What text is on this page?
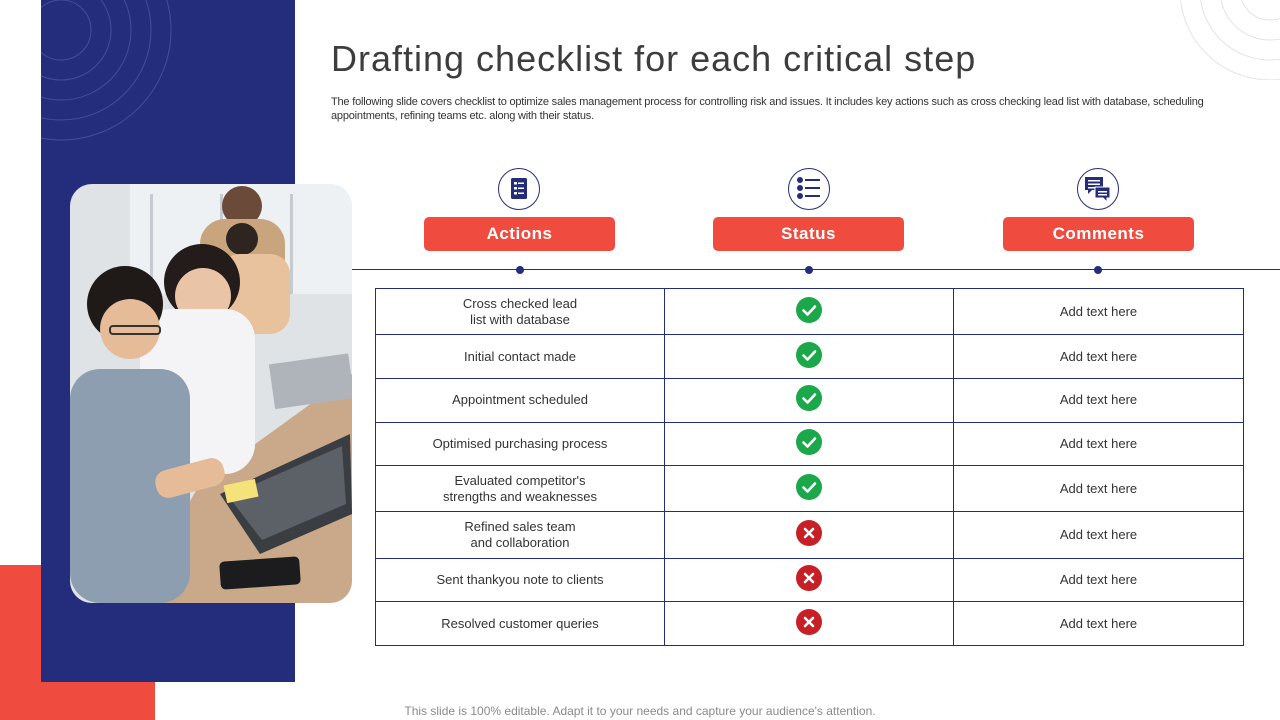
Drafting checklist for each critical step

The following slide covers checklist to optimize sales management process for controlling risk and issues. It includes key actions such as cross checking lead list with database, scheduling appointments, refining teams etc. along with their status.

Actions	Status	Comments
Cross checked lead
list with database		Add text here
Initial contact made		Add text here
Appointment scheduled		Add text here
Optimised purchasing process		Add text here
Evaluated competitor's
strengths and weaknesses		Add text here
Refined sales team
and collaboration		Add text here
Sent thankyou note to clients		Add text here
Resolved customer queries		Add text here

This slide is 100% editable. Adapt it to your needs and capture your audience's attention.
